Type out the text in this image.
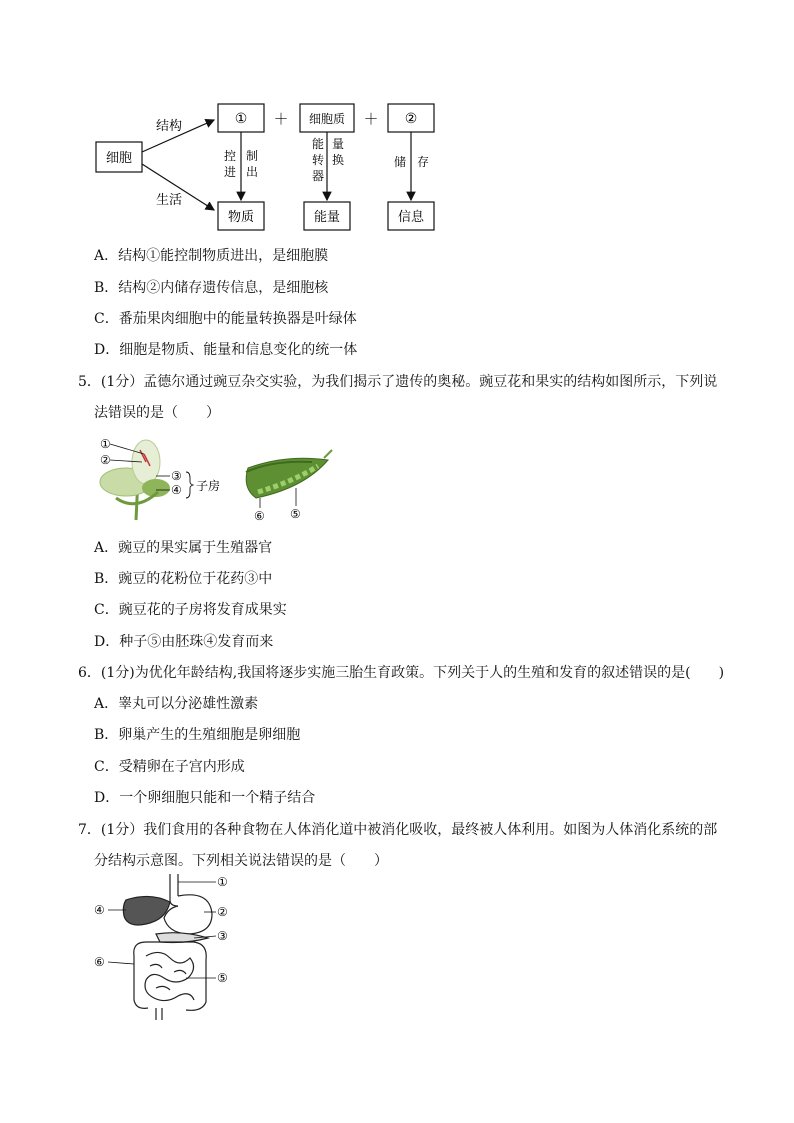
细胞
结构
生活
① ＋ 细胞质 ＋ ②
控进
制出
能转器
量换	储 存
物质	能量	信息
A．结构①能控制物质进出，是细胞膜
B．结构②内储存遗传信息，是细胞核
C．番茄果肉细胞中的能量转换器是叶绿体
D．细胞是物质、能量和信息变化的统一体
5．(1分）孟德尔通过豌豆杂交实验，为我们揭示了遗传的奥秘。豌豆花和果实的结构如图所示，下列说
法错误的是（　　）
①
②
③
④ 子房
⑥ ⑤
A．豌豆的果实属于生殖器官
B．豌豆的花粉位于花药③中
C．豌豆花的子房将发育成果实
D．种子⑤由胚珠④发育而来
6．(1分)为优化年龄结构,我国将逐步实施三胎生育政策。下列关于人的生殖和发育的叙述错误的是(　　)
A．睾丸可以分泌雄性激素
B．卵巢产生的生殖细胞是卵细胞
C．受精卵在子宫内形成
D．一个卵细胞只能和一个精子结合
7．(1分）我们食用的各种食物在人体消化道中被消化吸收，最终被人体利用。如图为人体消化系统的部
分结构示意图。下列相关说法错误的是（　　）
①
②
③
④
⑥
⑤
